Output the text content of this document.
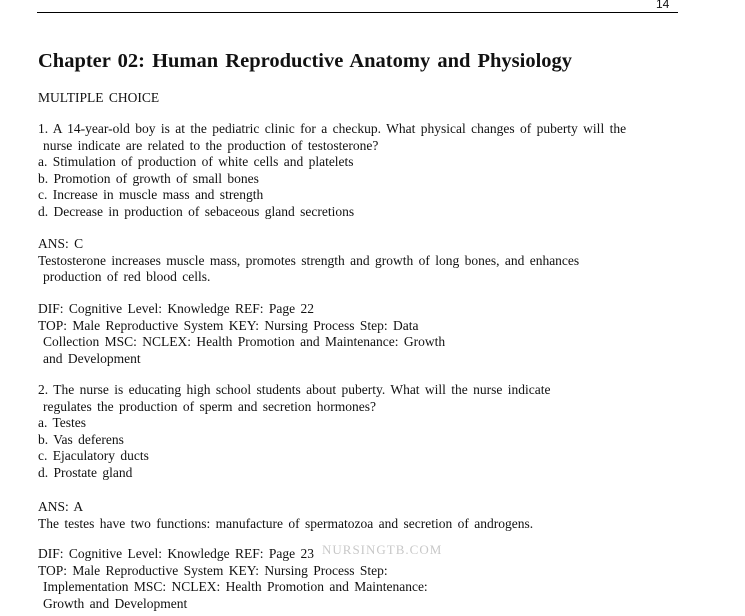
14
Chapter 02: Human Reproductive Anatomy and Physiology
MULTIPLE CHOICE
1. A 14-year-old boy is at the pediatric clinic for a checkup. What physical changes of puberty will the
nurse indicate are related to the production of testosterone?
a. Stimulation of production of white cells and platelets
b. Promotion of growth of small bones
c. Increase in muscle mass and strength
d. Decrease in production of sebaceous gland secretions
ANS: C
Testosterone increases muscle mass, promotes strength and growth of long bones, and enhances
production of red blood cells.
DIF: Cognitive Level: Knowledge REF: Page 22
TOP: Male Reproductive System KEY: Nursing Process Step: Data
Collection MSC: NCLEX: Health Promotion and Maintenance: Growth
and Development
2. The nurse is educating high school students about puberty. What will the nurse indicate
regulates the production of sperm and secretion hormones?
a. Testes
b. Vas deferens
c. Ejaculatory ducts
d. Prostate gland
ANS: A
The testes have two functions: manufacture of spermatozoa and secretion of androgens.
NURSINGTB.COM
DIF: Cognitive Level: Knowledge REF: Page 23
TOP: Male Reproductive System KEY: Nursing Process Step:
Implementation MSC: NCLEX: Health Promotion and Maintenance:
Growth and Development
